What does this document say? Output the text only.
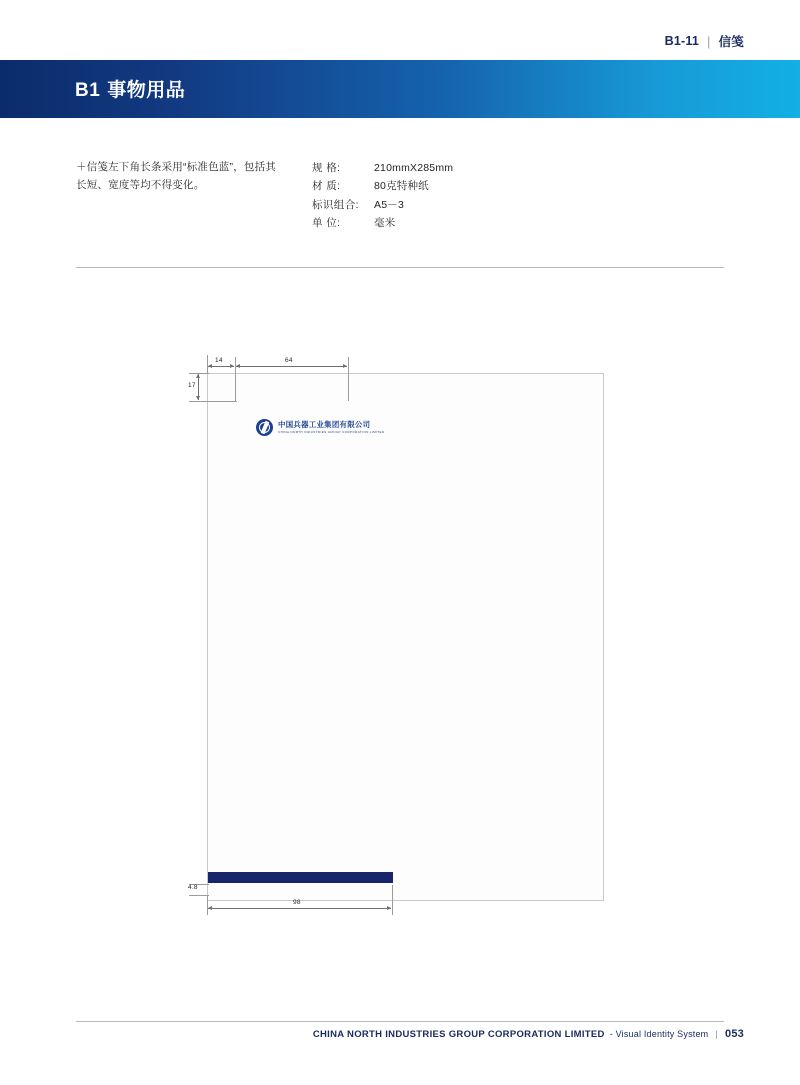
B1-11 | 信笺
B1 事物用品
＋信笺左下角长条采用“标准色蓝”，包括其长短、宽度等均不得变化。
规 格:	210mmX285mm
材 质:	80克特种纸
标识组合:	A5－3
单 位:	毫米
中国兵器工业集团有限公司
CHINA NORTH INDUSTRIES GROUP CORPORATION LIMITED
14	64
17
4.8
98
CHINA NORTH INDUSTRIES GROUP CORPORATION LIMITED - Visual Identity System | 053
